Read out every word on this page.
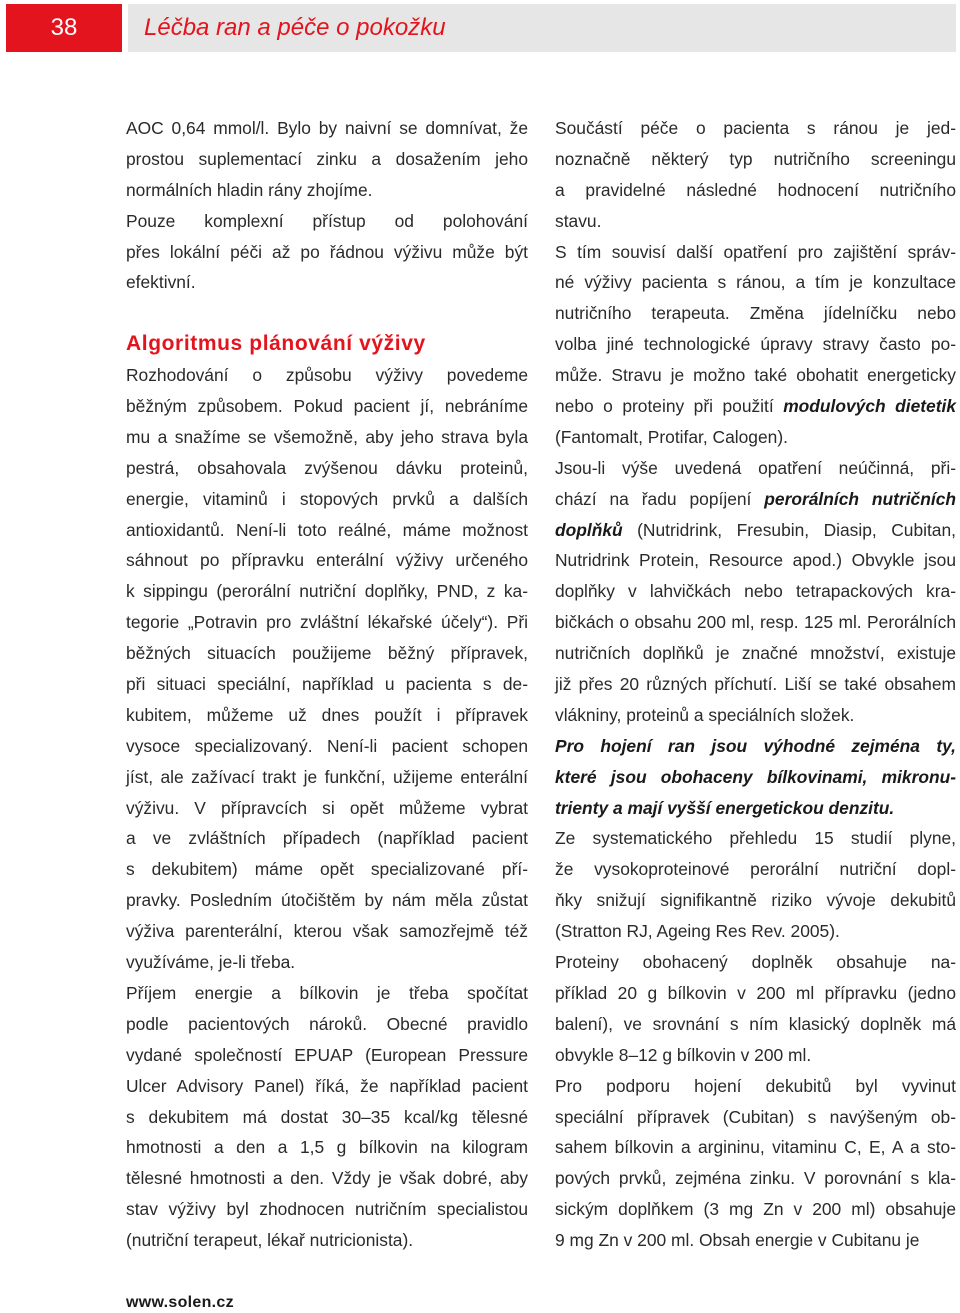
38	Léčba ran a péče o pokožku
AOC 0,64 mmol/l. Bylo by naivní se domnívat, že
prostou suplementací zinku a dosažením jeho
normálních hladin rány zhojíme.
Pouze komplexní přístup od polohování
přes lokální péči až po řádnou výživu může být
efektivní.
Algoritmus plánování výživy
Rozhodování o způsobu výživy povedeme
běžným způsobem. Pokud pacient jí, nebráníme
mu a snažíme se všemožně, aby jeho strava byla
pestrá, obsahovala zvýšenou dávku proteinů,
energie, vitaminů i stopových prvků a dalších
antioxidantů. Není-li toto reálné, máme možnost
sáhnout po přípravku enterální výživy určeného
k sippingu (perorální nutriční doplňky, PND, z ka-
tegorie „Potravin pro zvláštní lékařské účely“). Při
běžných situacích použijeme běžný přípravek,
při situaci speciální, například u pacienta s de-
kubitem, můžeme už dnes použít i přípravek
vysoce specializovaný. Není-li pacient schopen
jíst, ale zažívací trakt je funkční, užijeme enterální
výživu. V přípravcích si opět můžeme vybrat
a ve zvláštních případech (například pacient
s dekubitem) máme opět specializované pří-
pravky. Posledním útočištěm by nám měla zůstat
výživa parenterální, kterou však samozřejmě též
využíváme, je-li třeba.
Příjem energie a bílkovin je třeba spočítat
podle pacientových nároků. Obecné pravidlo
vydané společností EPUAP (European Pressure
Ulcer Advisory Panel) říká, že například pacient
s dekubitem má dostat 30–35 kcal/kg tělesné
hmotnosti a den a 1,5 g bílkovin na kilogram
tělesné hmotnosti a den. Vždy je však dobré, aby
stav výživy byl zhodnocen nutričním specialistou
(nutriční terapeut, lékař nutricionista).
Součástí péče o pacienta s ránou je jed-
noznačně některý typ nutričního screeningu
a pravidelné následné hodnocení nutričního
stavu.
S tím souvisí další opatření pro zajištění správ-
né výživy pacienta s ránou, a tím je konzultace
nutričního terapeuta. Změna jídelníčku nebo
volba jiné technologické úpravy stravy často po-
může. Stravu je možno také obohatit energeticky
nebo o proteiny při použití modulových dietetik
(Fantomalt, Protifar, Calogen).
Jsou-li výše uvedená opatření neúčinná, při-
chází na řadu popíjení perorálních nutričních
doplňků (Nutridrink, Fresubin, Diasip, Cubitan,
Nutridrink Protein, Resource apod.) Obvykle jsou
doplňky v lahvičkách nebo tetrapackových kra-
bičkách o obsahu 200 ml, resp. 125 ml. Perorálních
nutričních doplňků je značné množství, existuje
již přes 20 různých příchutí. Liší se také obsahem
vlákniny, proteinů a speciálních složek.
Pro hojení ran jsou výhodné zejména ty,
které jsou obohaceny bílkovinami, mikronu-
trienty a mají vyšší energetickou denzitu.
Ze systematického přehledu 15 studií plyne,
že vysokoproteinové perorální nutriční dopl-
ňky snižují signifikantně riziko vývoje dekubitů
(Stratton RJ, Ageing Res Rev. 2005).
Proteiny obohacený doplněk obsahuje na-
příklad 20 g bílkovin v 200 ml přípravku (jedno
balení), ve srovnání s ním klasický doplněk má
obvykle 8–12 g bílkovin v 200 ml.
Pro podporu hojení dekubitů byl vyvinut
speciální přípravek (Cubitan) s navýšeným ob-
sahem bílkovin a argininu, vitaminu C, E, A a sto-
pových prvků, zejména zinku. V porovnání s kla-
sickým doplňkem (3 mg Zn v 200 ml) obsahuje
9 mg Zn v 200 ml. Obsah energie v Cubitanu je
www.solen.cz
